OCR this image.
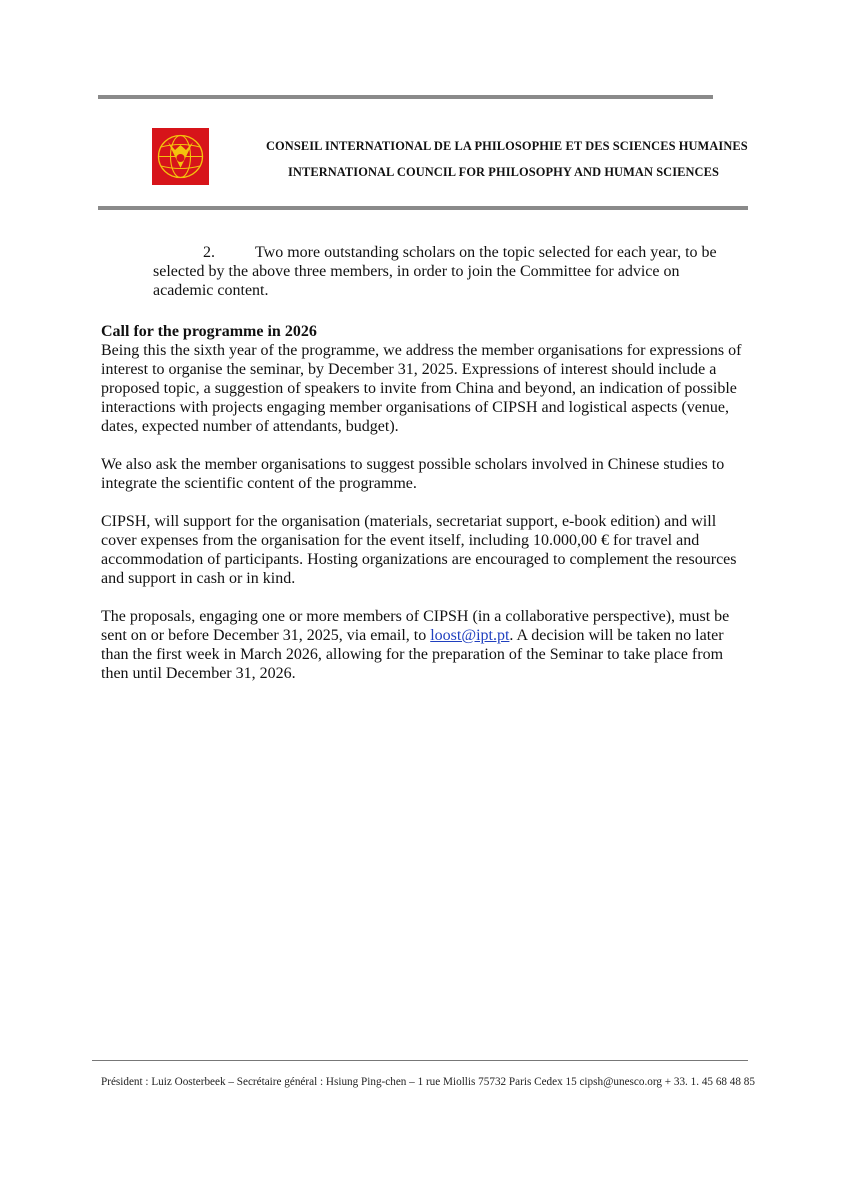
CONSEIL INTERNATIONAL DE LA PHILOSOPHIE ET DES SCIENCES HUMAINES
INTERNATIONAL COUNCIL FOR PHILOSOPHY AND HUMAN SCIENCES

2.	Two more outstanding scholars on the topic selected for each year, to be

selected by the above three members, in order to join the Committee for advice on

academic content.

Call for the programme in 2026

Being this the sixth year of the programme, we address the member organisations for expressions of interest to organise the seminar, by December 31, 2025. Expressions of interest should include a proposed topic, a suggestion of speakers to invite from China and beyond, an indication of possible interactions with projects engaging member organisations of CIPSH and logistical aspects (venue, dates, expected number of attendants, budget).

We also ask the member organisations to suggest possible scholars involved in Chinese studies to integrate the scientific content of the programme.

CIPSH, will support for the organisation (materials, secretariat support, e-book edition) and will cover expenses from the organisation for the event itself, including 10.000,00 € for travel and accommodation of participants. Hosting organizations are encouraged to complement the resources and support in cash or in kind.

The proposals, engaging one or more members of CIPSH (in a collaborative perspective), must be sent on or before December 31, 2025, via email, to loost@ipt.pt. A decision will be taken no later than the first week in March 2026, allowing for the preparation of the Seminar to take place from then until December 31, 2026.

Président : Luiz Oosterbeek – Secrétaire général : Hsiung Ping-chen – 1 rue Miollis 75732 Paris Cedex 15 cipsh@unesco.org + 33. 1. 45 68 48 85
